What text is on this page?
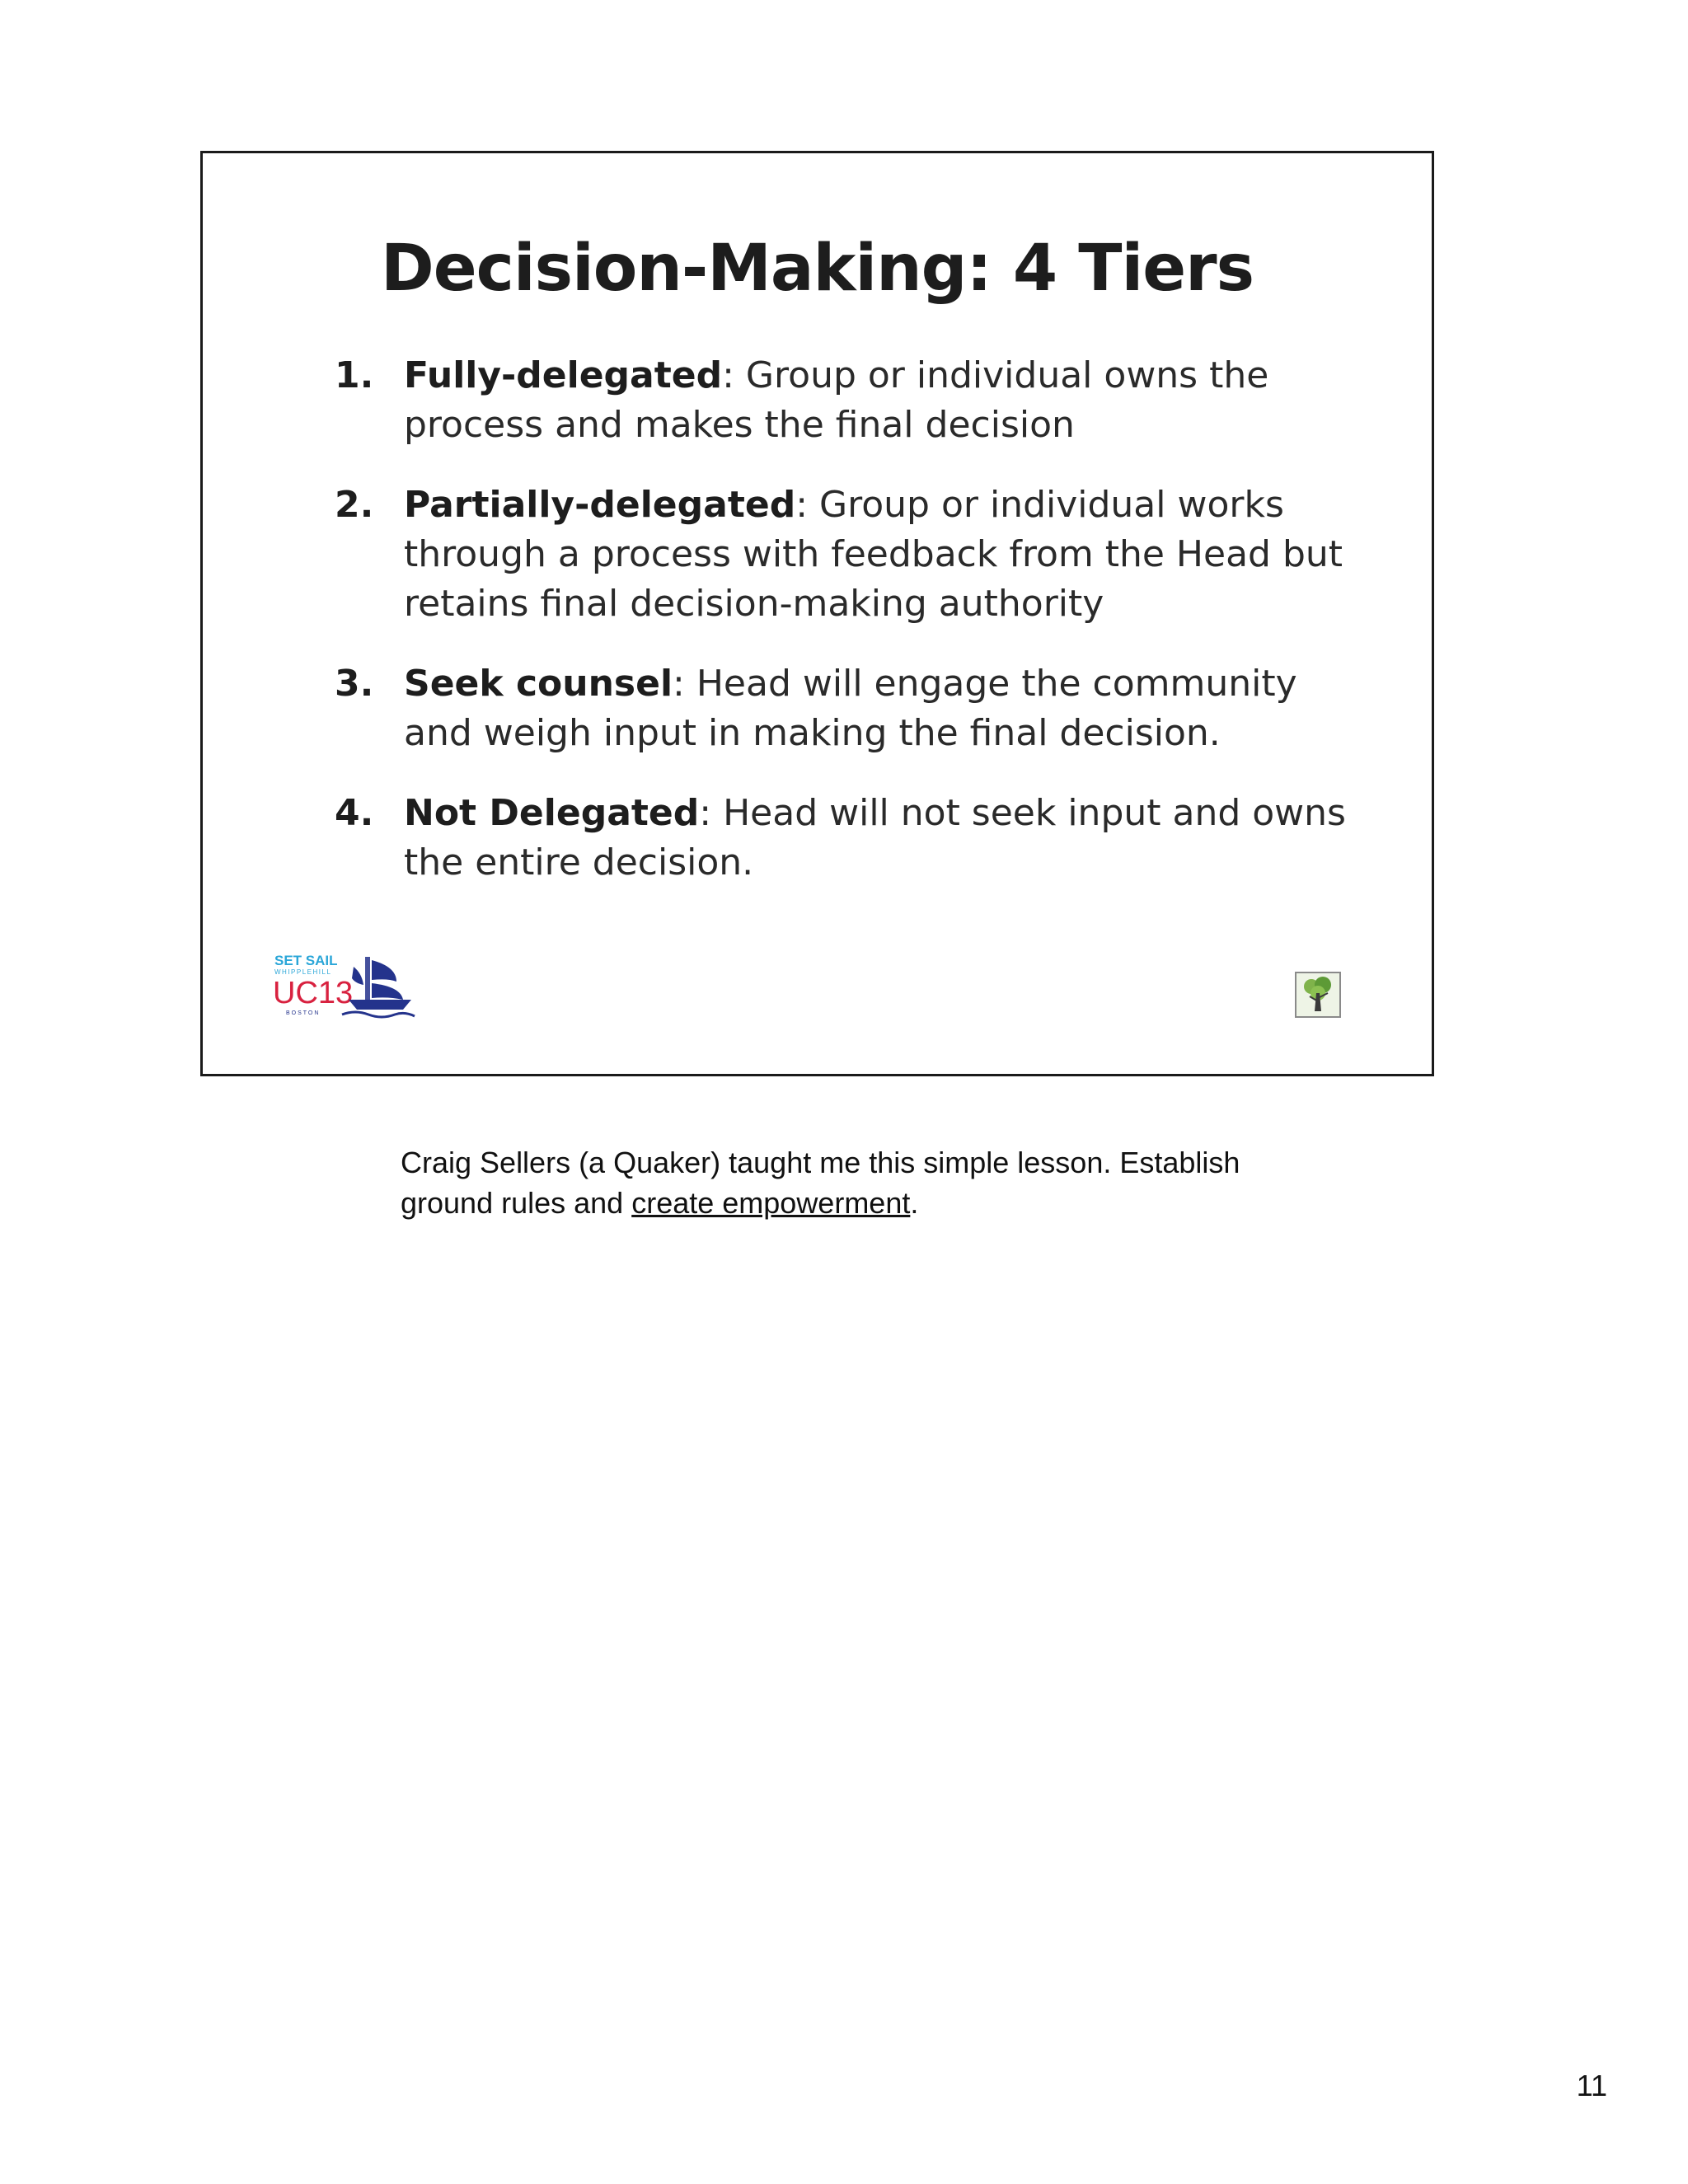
Decision-Making: 4 Tiers
1. Fully-delegated: Group or individual owns the process and makes the final decision
2. Partially-delegated: Group or individual works through a process with feedback from the Head but retains final decision-making authority
3. Seek counsel: Head will engage the community and weigh input in making the final decision.
4. Not Delegated: Head will not seek input and owns the entire decision.
SET SAIL
WHIPPLEHILL
UC13
BOSTON

Craig Sellers (a Quaker) taught me this simple lesson. Establish ground rules and create empowerment.

11
